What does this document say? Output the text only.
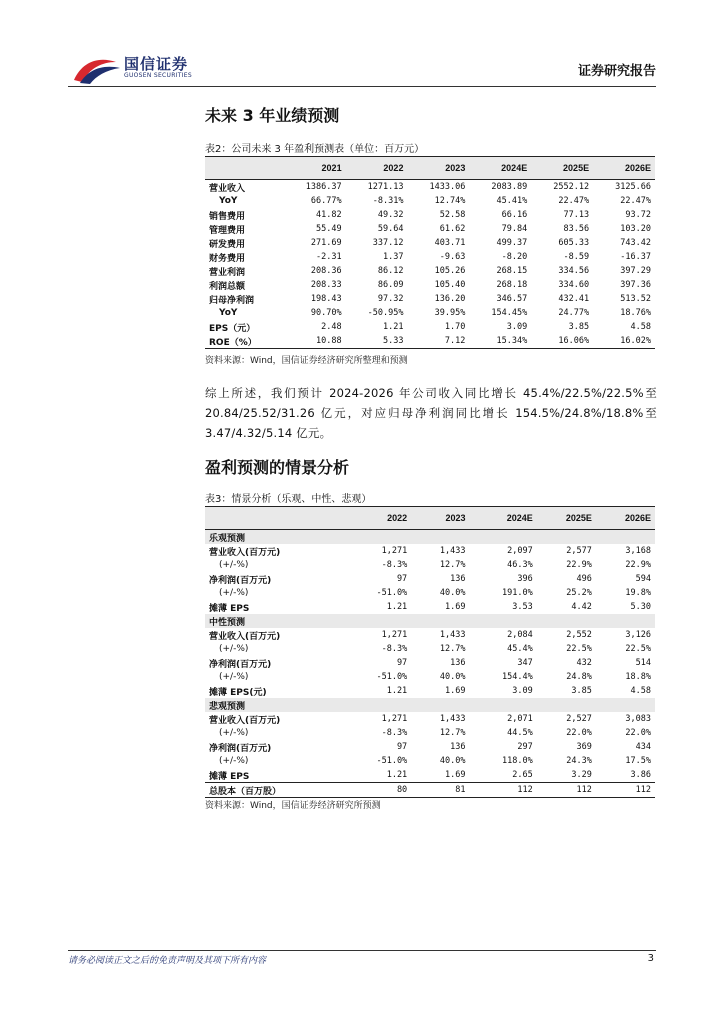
国信证券
GUOSEN SECURITIES	证券研究报告
未来 3 年业绩预测
表2：公司未来 3 年盈利预测表（单位：百万元）
	2021	2022	2023	2024E	2025E	2026E
营业收入	1386.37	1271.13	1433.06	2083.89	2552.12	3125.66
YoY	66.77%	-8.31%	12.74%	45.41%	22.47%	22.47%
销售费用	41.82	49.32	52.58	66.16	77.13	93.72
管理费用	55.49	59.64	61.62	79.84	83.56	103.20
研发费用	271.69	337.12	403.71	499.37	605.33	743.42
财务费用	-2.31	1.37	-9.63	-8.20	-8.59	-16.37
营业利润	208.36	86.12	105.26	268.15	334.56	397.29
利润总额	208.33	86.09	105.40	268.18	334.60	397.36
归母净利润	198.43	97.32	136.20	346.57	432.41	513.52
YoY	90.70%	-50.95%	39.95%	154.45%	24.77%	18.76%
EPS（元）	2.48	1.21	1.70	3.09	3.85	4.58
ROE（%）	10.88	5.33	7.12	15.34%	16.06%	16.02%
资料来源：Wind，国信证券经济研究所整理和预测
综上所述，我们预计 2024-2026 年公司收入同比增长 45.4%/22.5%/22.5%至 20.84/25.52/31.26 亿元，对应归母净利润同比增长 154.5%/24.8%/18.8%至 3.47/4.32/5.14 亿元。
盈利预测的情景分析
表3：情景分析（乐观、中性、悲观）
	2022	2023	2024E	2025E	2026E
乐观预测					
营业收入(百万元)	1,271	1,433	2,097	2,577	3,168
(+/-%)	-8.3%	12.7%	46.3%	22.9%	22.9%
净利润(百万元)	97	136	396	496	594
(+/-%)	-51.0%	40.0%	191.0%	25.2%	19.8%
摊薄 EPS	1.21	1.69	3.53	4.42	5.30
中性预测					
营业收入(百万元)	1,271	1,433	2,084	2,552	3,126
(+/-%)	-8.3%	12.7%	45.4%	22.5%	22.5%
净利润(百万元)	97	136	347	432	514
(+/-%)	-51.0%	40.0%	154.4%	24.8%	18.8%
摊薄 EPS(元)	1.21	1.69	3.09	3.85	4.58
悲观预测					
营业收入(百万元)	1,271	1,433	2,071	2,527	3,083
(+/-%)	-8.3%	12.7%	44.5%	22.0%	22.0%
净利润(百万元)	97	136	297	369	434
(+/-%)	-51.0%	40.0%	118.0%	24.3%	17.5%
摊薄 EPS	1.21	1.69	2.65	3.29	3.86
总股本（百万股）	80	81	112	112	112
资料来源：Wind，国信证券经济研究所预测
请务必阅读正文之后的免责声明及其项下所有内容	3
